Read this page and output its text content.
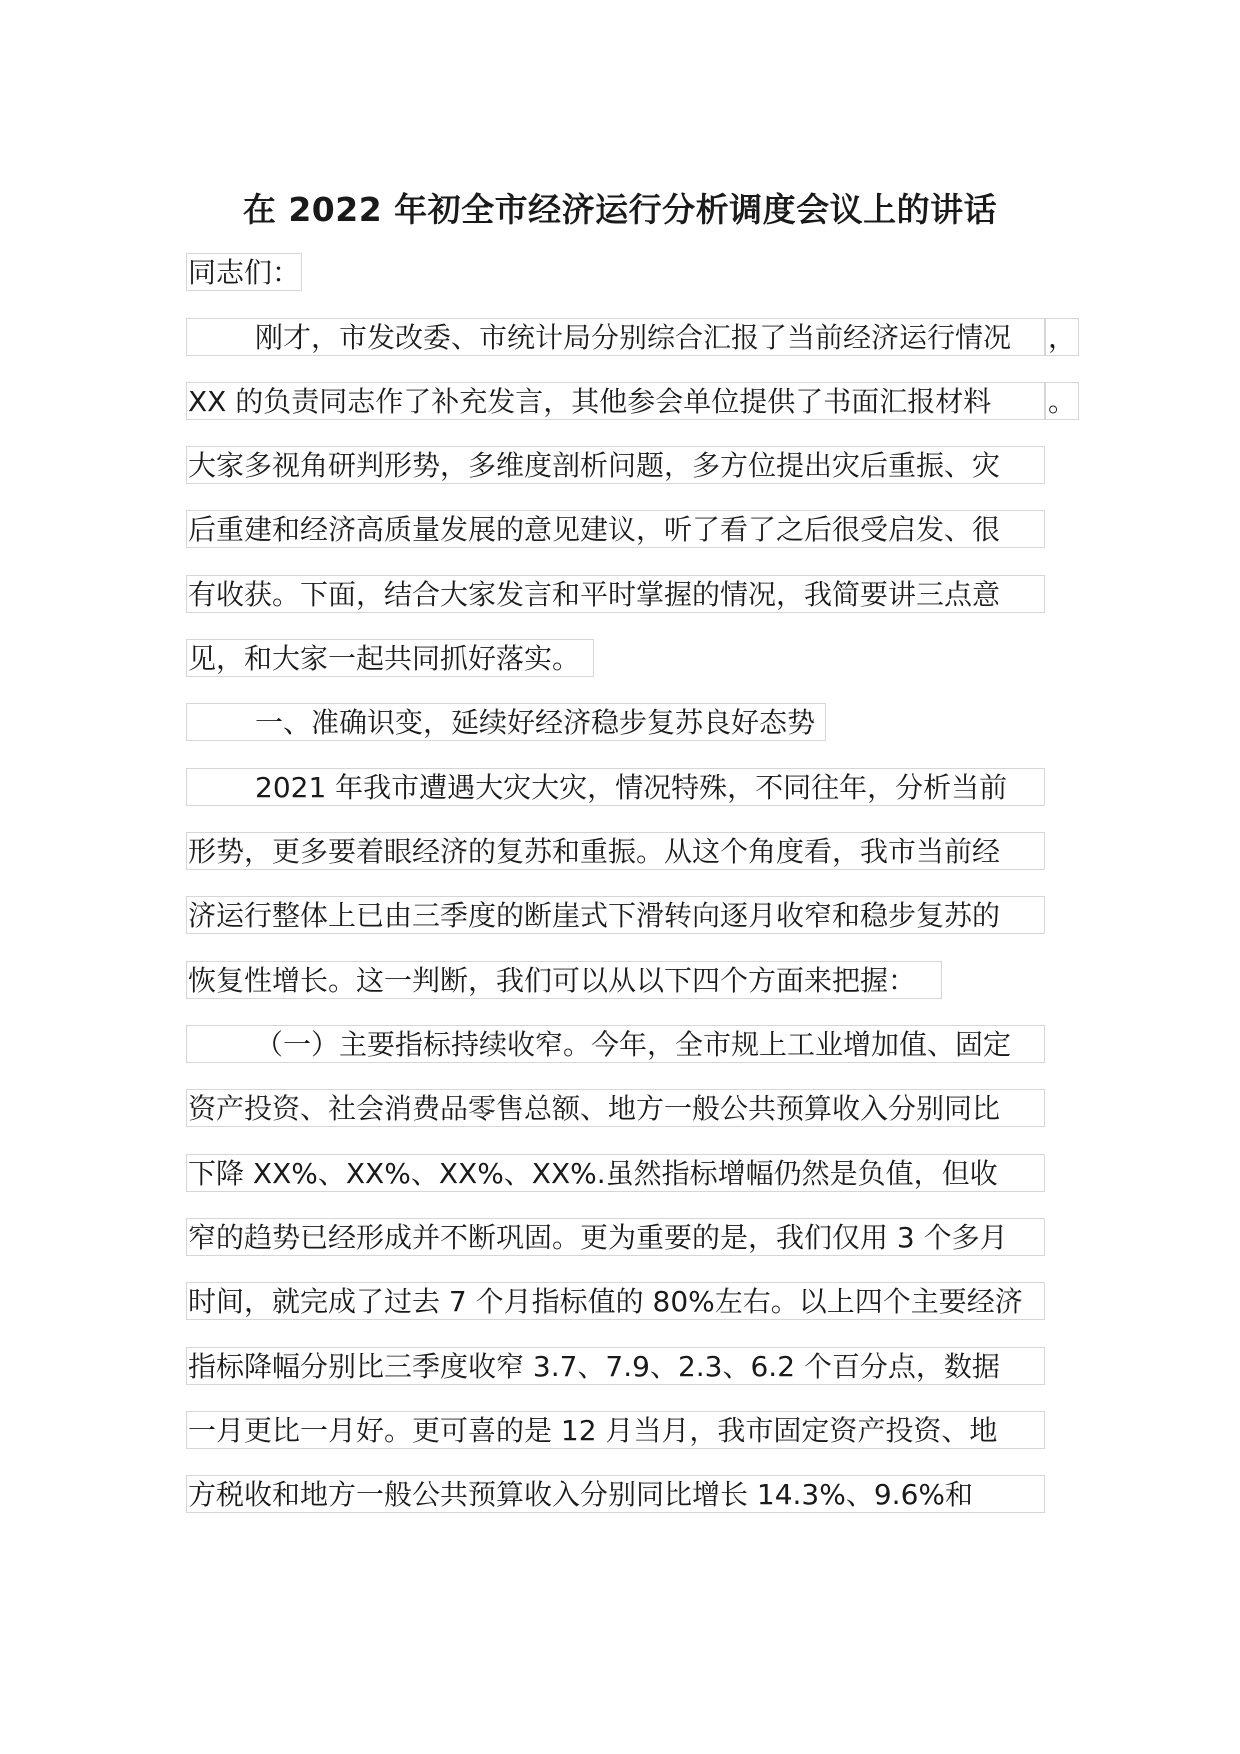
在 2022 年初全市经济运行分析调度会议上的讲话
同志们：
刚才，市发改委、市统计局分别综合汇报了当前经济运行情况	，
XX 的负责同志作了补充发言，其他参会单位提供了书面汇报材料	。
大家多视角研判形势，多维度剖析问题，多方位提出灾后重振、灾
后重建和经济高质量发展的意见建议，听了看了之后很受启发、很
有收获。下面，结合大家发言和平时掌握的情况，我简要讲三点意
见，和大家一起共同抓好落实。
一、准确识变，延续好经济稳步复苏良好态势
2021 年我市遭遇大灾大灾，情况特殊，不同往年，分析当前
形势，更多要着眼经济的复苏和重振。从这个角度看，我市当前经
济运行整体上已由三季度的断崖式下滑转向逐月收窄和稳步复苏的
恢复性增长。这一判断，我们可以从以下四个方面来把握：
（一）主要指标持续收窄。今年，全市规上工业增加值、固定
资产投资、社会消费品零售总额、地方一般公共预算收入分别同比
下降 XX%、XX%、XX%、XX%.虽然指标增幅仍然是负值，但收
窄的趋势已经形成并不断巩固。更为重要的是，我们仅用 3 个多月
时间，就完成了过去 7 个月指标值的 80%左右。以上四个主要经济
指标降幅分别比三季度收窄 3.7、7.9、2.3、6.2 个百分点，数据
一月更比一月好。更可喜的是 12 月当月，我市固定资产投资、地
方税收和地方一般公共预算收入分别同比增长 14.3%、9.6%和
